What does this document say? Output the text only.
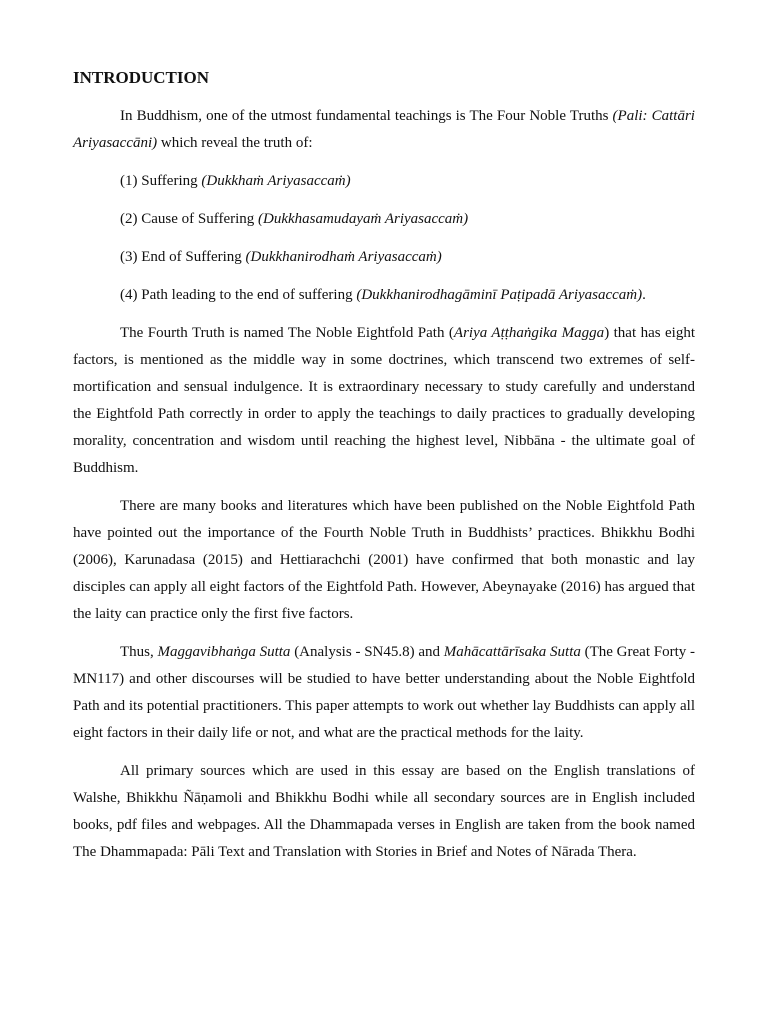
INTRODUCTION

In Buddhism, one of the utmost fundamental teachings is The Four Noble Truths (Pali: Cattāri Ariyasaccāni) which reveal the truth of:

(1) Suffering (Dukkhaṁ Ariyasaccaṁ)

(2) Cause of Suffering (Dukkhasamudayaṁ Ariyasaccaṁ)

(3) End of Suffering (Dukkhanirodhaṁ Ariyasaccaṁ)

(4) Path leading to the end of suffering (Dukkhanirodhagāminī Paṭipadā Ariyasaccaṁ).

The Fourth Truth is named The Noble Eightfold Path (Ariya Aṭṭhaṅgika Magga) that has eight factors, is mentioned as the middle way in some doctrines, which transcend two extremes of self-mortification and sensual indulgence. It is extraordinary necessary to study carefully and understand the Eightfold Path correctly in order to apply the teachings to daily practices to gradually developing morality, concentration and wisdom until reaching the highest level, Nibbāna - the ultimate goal of Buddhism.

There are many books and literatures which have been published on the Noble Eightfold Path have pointed out the importance of the Fourth Noble Truth in Buddhists’ practices. Bhikkhu Bodhi (2006), Karunadasa (2015) and Hettiarachchi (2001) have confirmed that both monastic and lay disciples can apply all eight factors of the Eightfold Path. However, Abeynayake (2016) has argued that the laity can practice only the first five factors.

Thus, Maggavibhaṅga Sutta (Analysis - SN45.8) and Mahācattārīsaka Sutta (The Great Forty - MN117) and other discourses will be studied to have better understanding about the Noble Eightfold Path and its potential practitioners. This paper attempts to work out whether lay Buddhists can apply all eight factors in their daily life or not, and what are the practical methods for the laity.

All primary sources which are used in this essay are based on the English translations of Walshe, Bhikkhu Ñāṇamoli and Bhikkhu Bodhi while all secondary sources are in English included books, pdf files and webpages. All the Dhammapada verses in English are taken from the book named The Dhammapada: Pāli Text and Translation with Stories in Brief and Notes of Nārada Thera.
